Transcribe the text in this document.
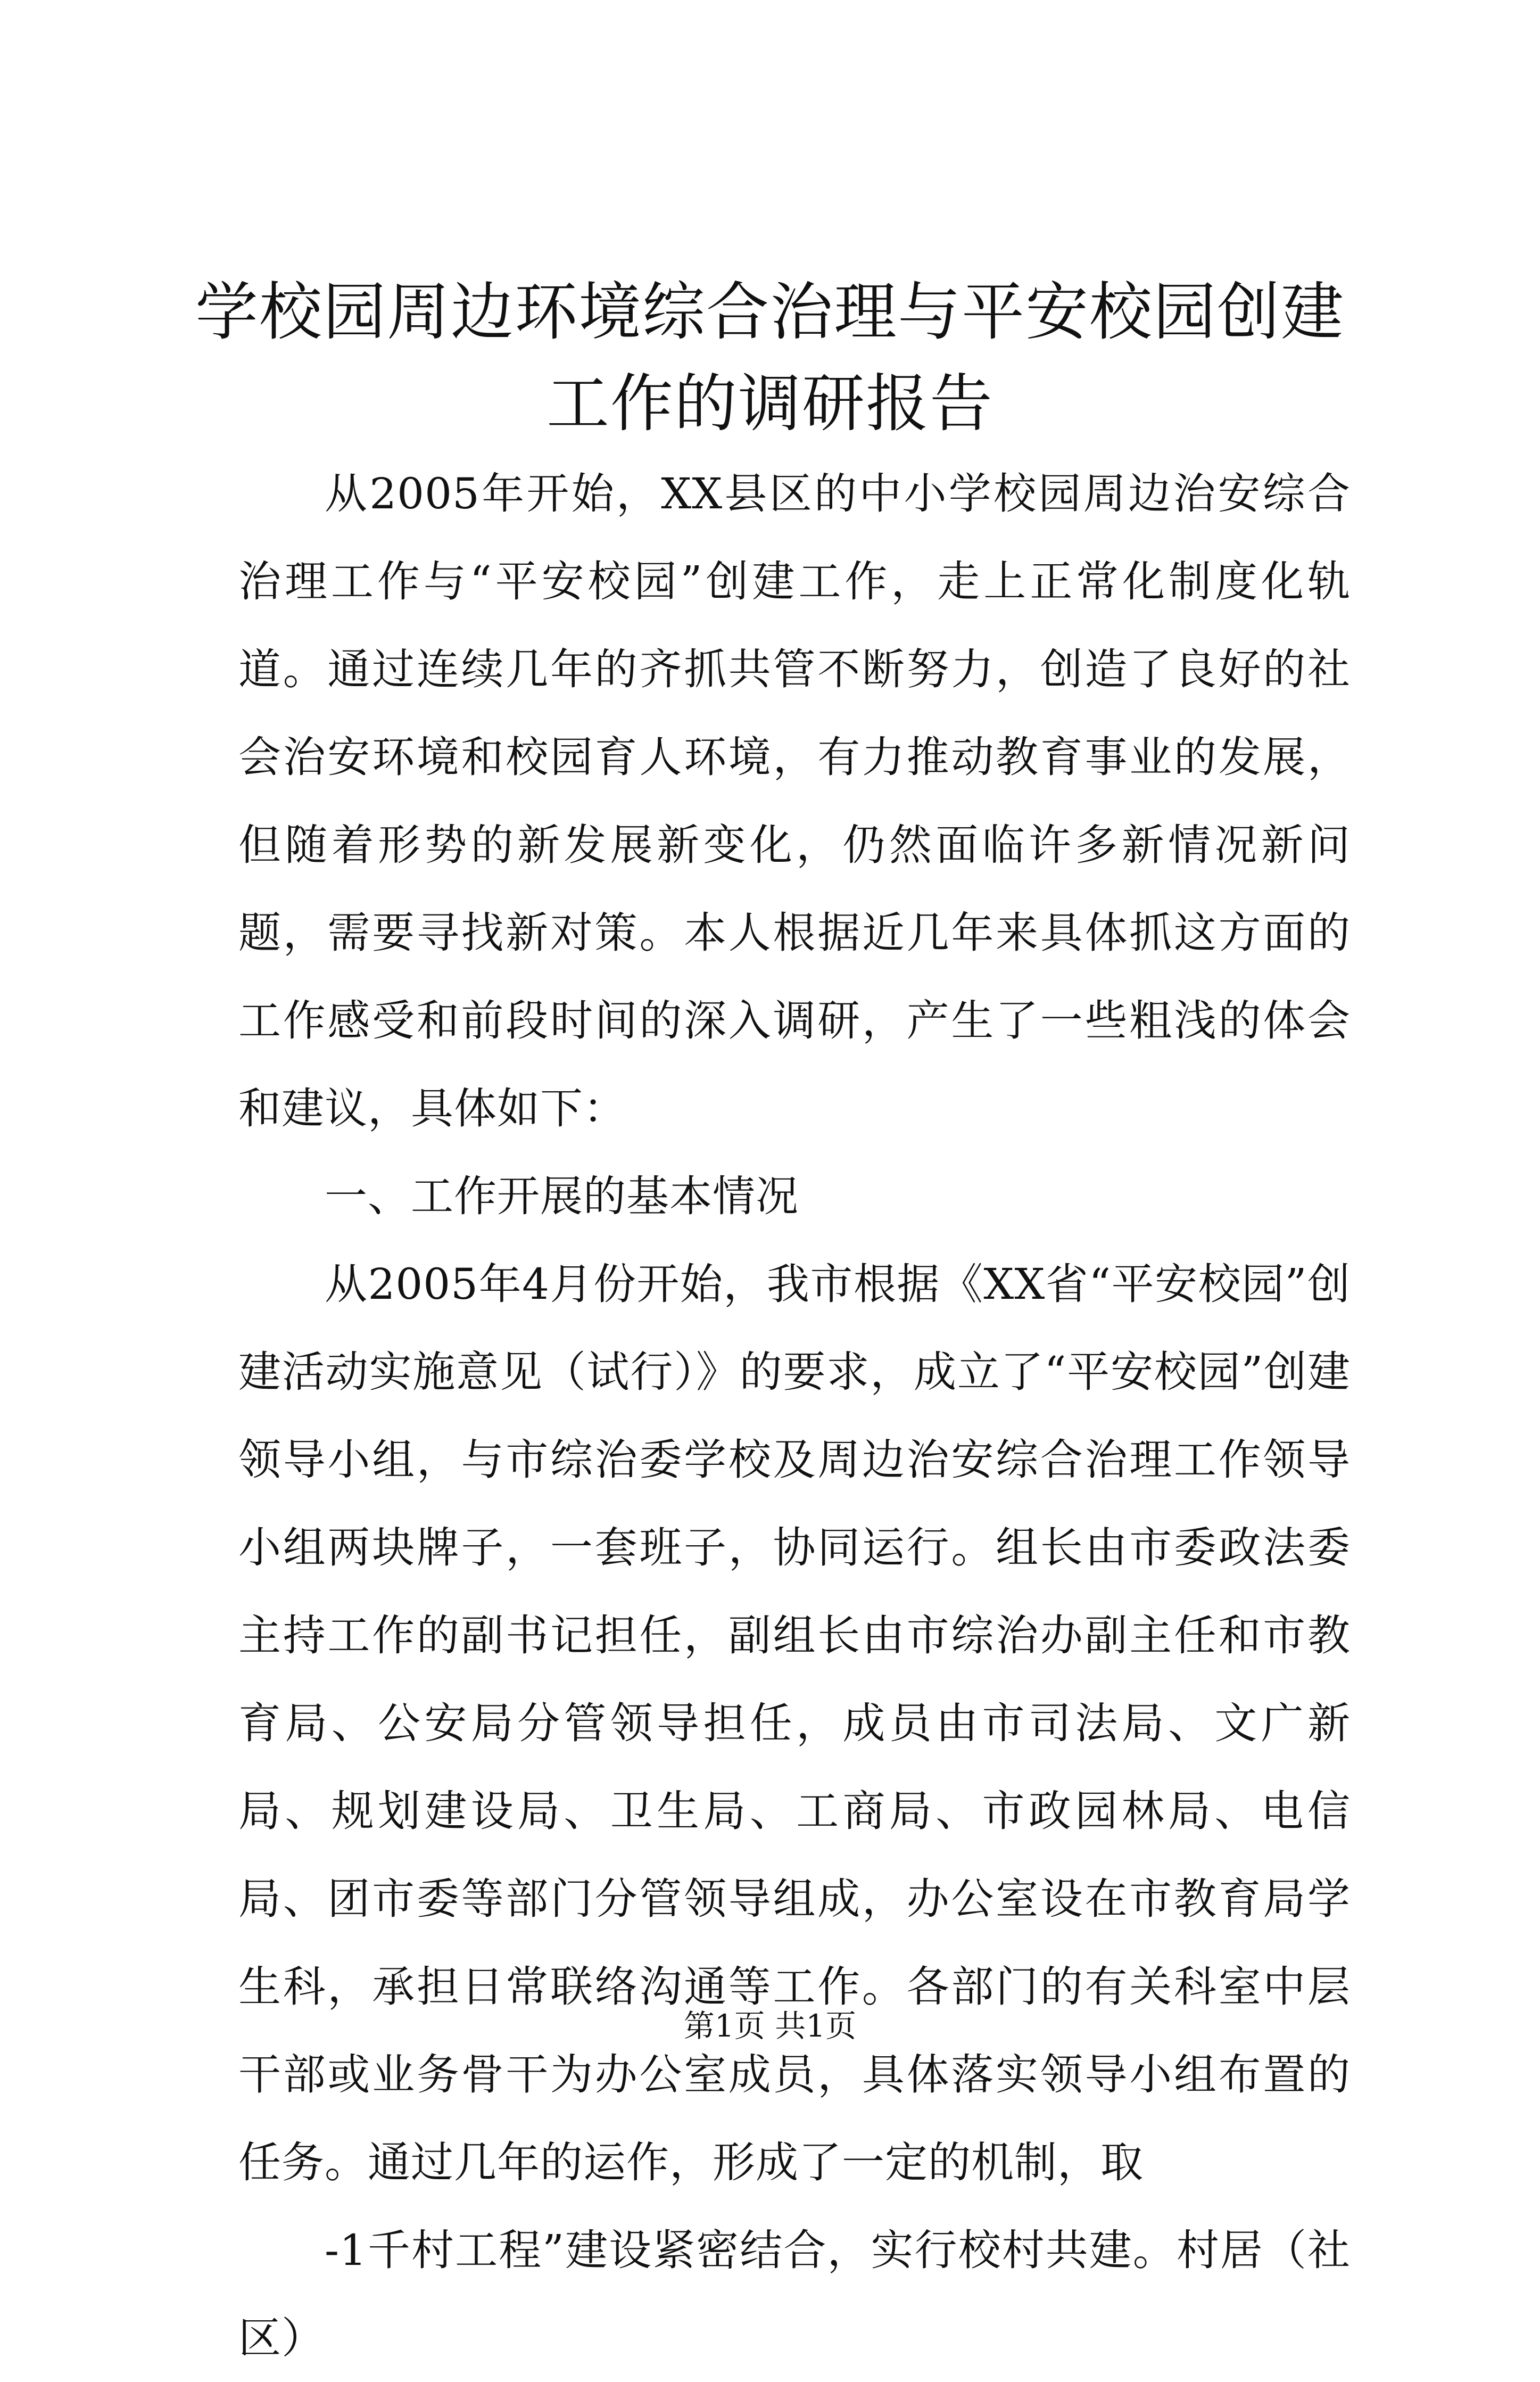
学校园周边环境综合治理与平安校园创建工作的调研报告

从2005年开始，XX县区的中小学校园周边治安综合治理工作与“平安校园”创建工作，走上正常化制度化轨道。通过连续几年的齐抓共管不断努力，创造了良好的社会治安环境和校园育人环境，有力推动教育事业的发展，但随着形势的新发展新变化，仍然面临许多新情况新问题，需要寻找新对策。本人根据近几年来具体抓这方面的工作感受和前段时间的深入调研，产生了一些粗浅的体会和建议，具体如下：

一、工作开展的基本情况

从2005年4月份开始，我市根据《XX省“平安校园”创建活动实施意见（试行）》的要求，成立了“平安校园”创建领导小组，与市综治委学校及周边治安综合治理工作领导小组两块牌子，一套班子，协同运行。组长由市委政法委主持工作的副书记担任，副组长由市综治办副主任和市教育局、公安局分管领导担任，成员由市司法局、文广新局、规划建设局、卫生局、工商局、市政园林局、电信局、团市委等部门分管领导组成，办公室设在市教育局学生科，承担日常联络沟通等工作。各部门的有关科室中层干部或业务骨干为办公室成员，具体落实领导小组布置的任务。通过几年的运作，形成了一定的机制，取

-1千村工程”建设紧密结合，实行校村共建。村居（社区）

第1页 共1页
